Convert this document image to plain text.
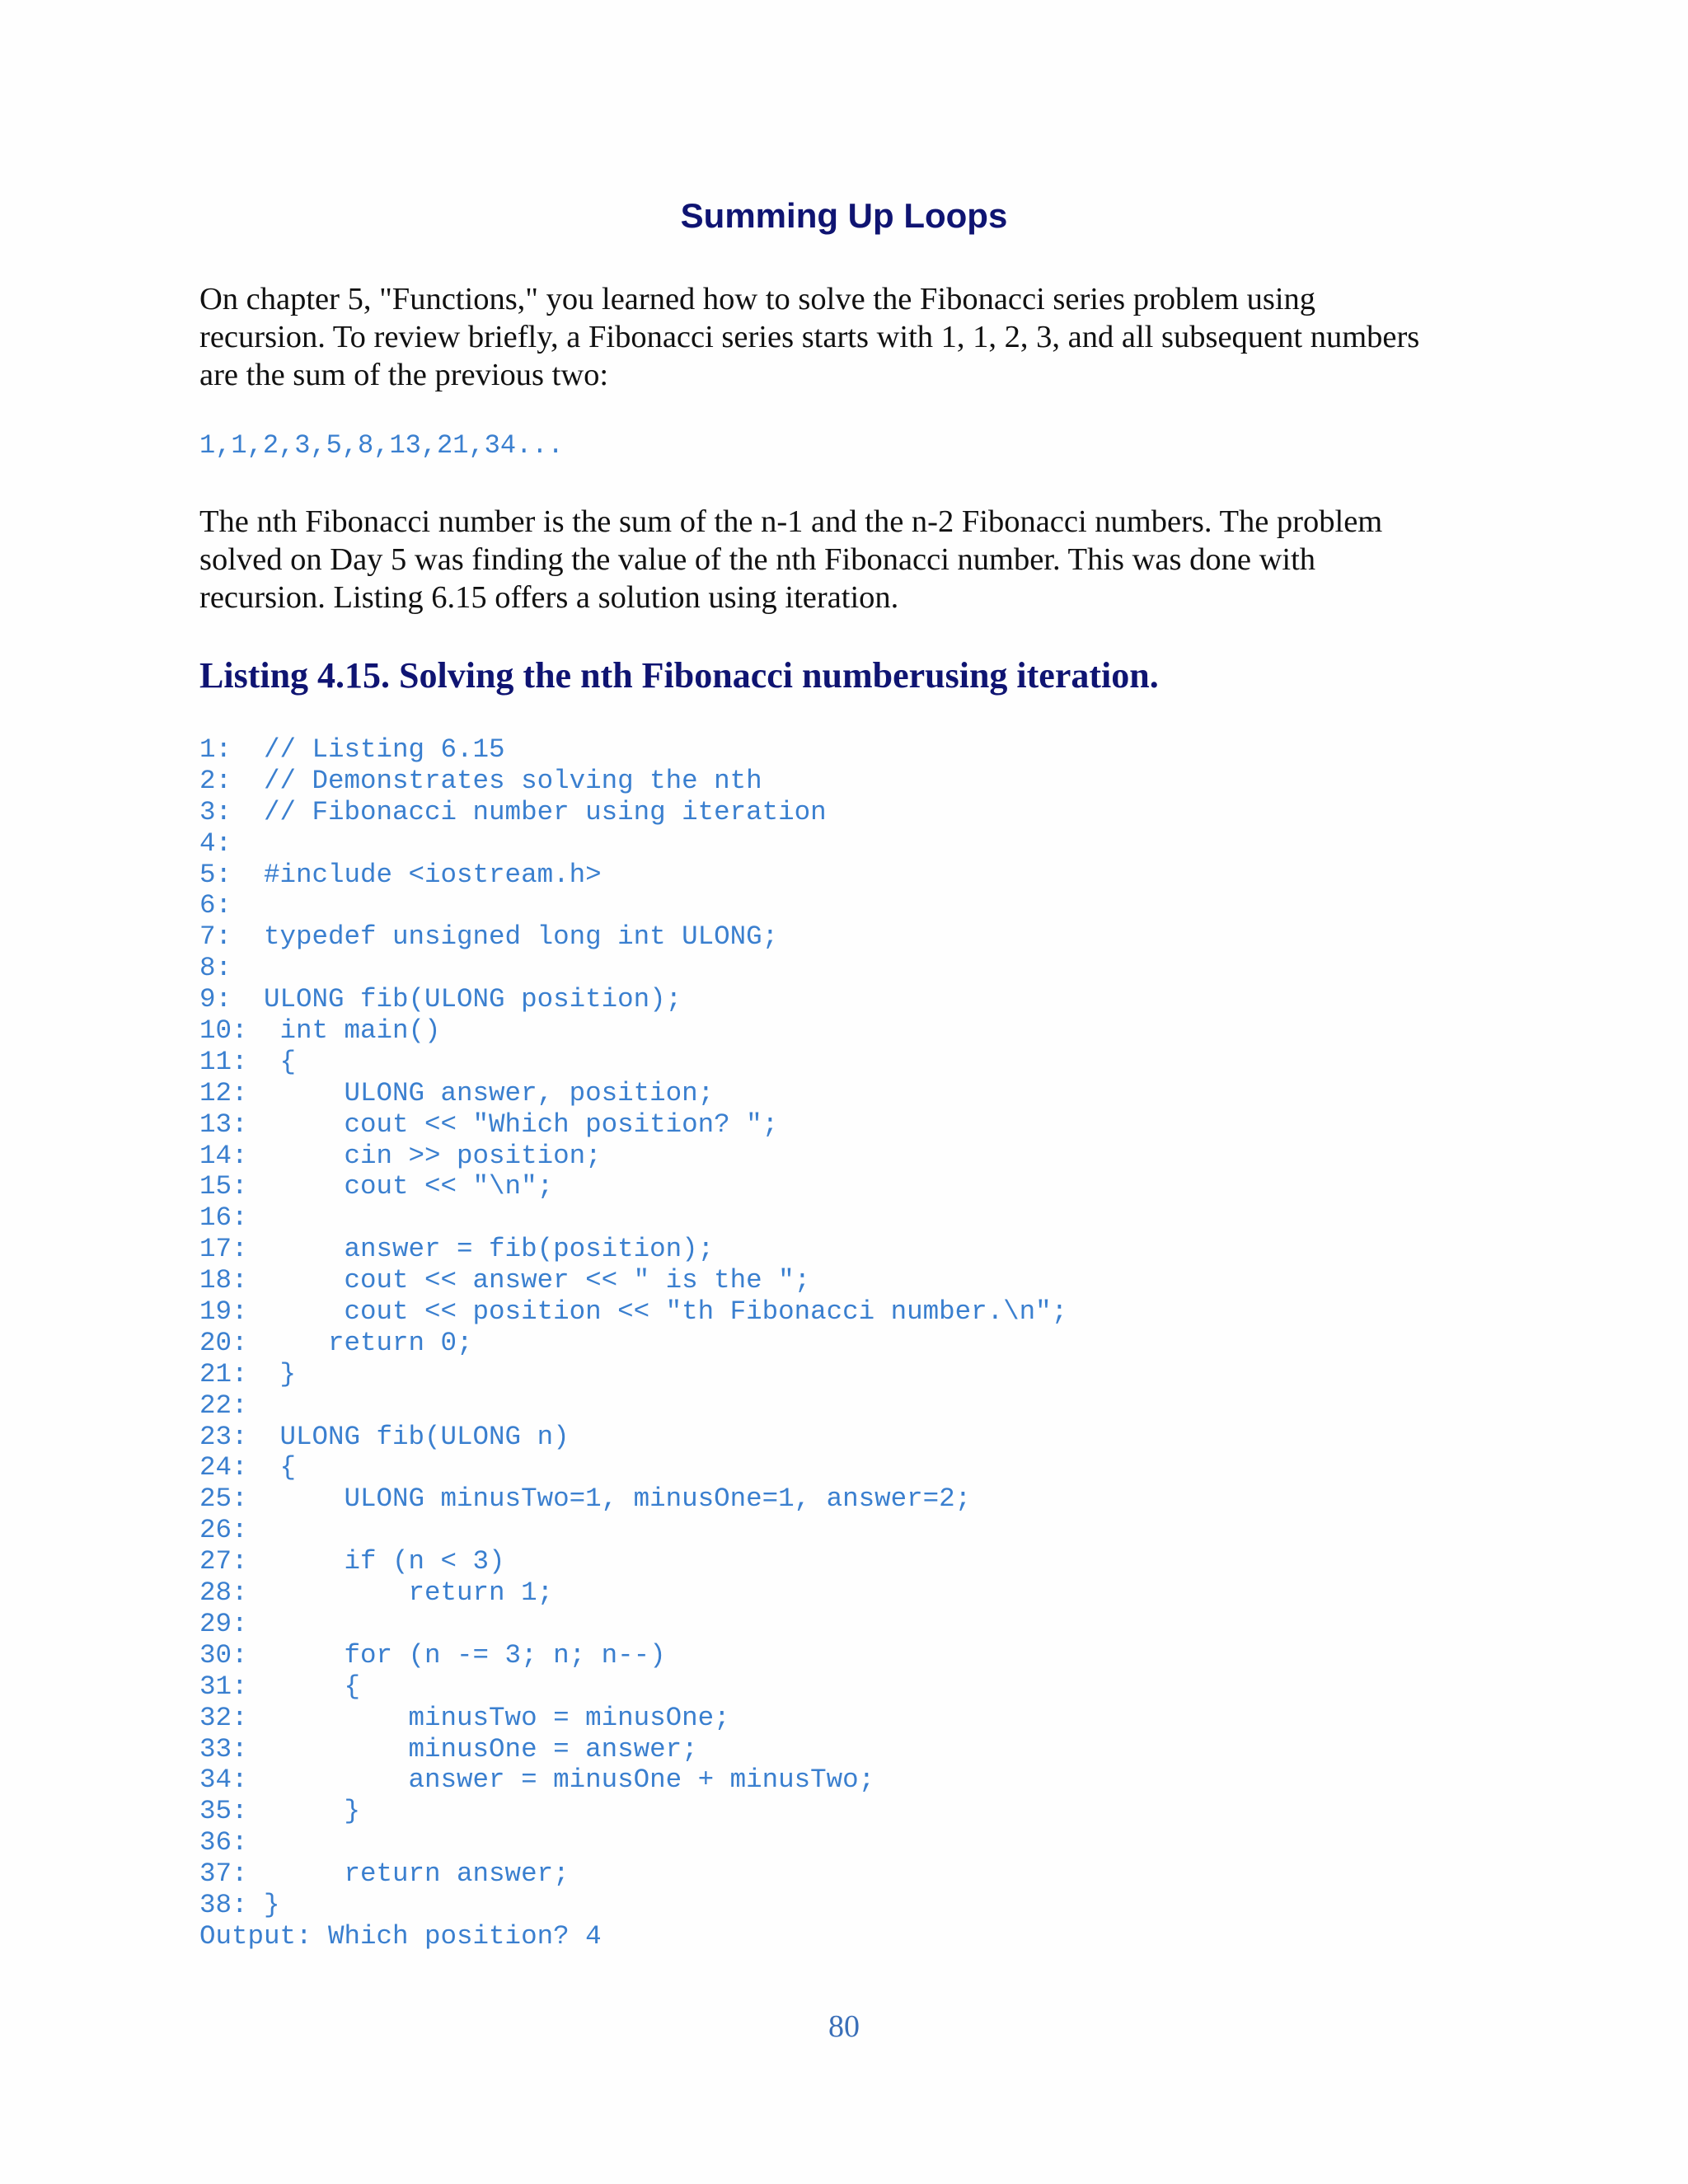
Summing Up Loops

On chapter 5, "Functions," you learned how to solve the Fibonacci series problem using
recursion. To review briefly, a Fibonacci series starts with 1, 1, 2, 3, and all subsequent numbers
are the sum of the previous two:

1,1,2,3,5,8,13,21,34...

The nth Fibonacci number is the sum of the n-1 and the n-2 Fibonacci numbers. The problem
solved on Day 5 was finding the value of the nth Fibonacci number. This was done with
recursion. Listing 6.15 offers a solution using iteration.

Listing 4.15. Solving the nth Fibonacci numberusing iteration.
1:  // Listing 6.15
2:  // Demonstrates solving the nth
3:  // Fibonacci number using iteration
4:
5:  #include <iostream.h>
6:
7:  typedef unsigned long int ULONG;
8:
9:  ULONG fib(ULONG position);
10:  int main()
11:  {
12:      ULONG answer, position;
13:      cout << "Which position? ";
14:      cin >> position;
15:      cout << "\n";
16:
17:      answer = fib(position);
18:      cout << answer << " is the ";
19:      cout << position << "th Fibonacci number.\n";
20:     return 0;
21:  }
22:
23:  ULONG fib(ULONG n)
24:  {
25:      ULONG minusTwo=1, minusOne=1, answer=2;
26:
27:      if (n < 3)
28:          return 1;
29:
30:      for (n -= 3; n; n--)
31:      {
32:          minusTwo = minusOne;
33:          minusOne = answer;
34:          answer = minusOne + minusTwo;
35:      }
36:
37:      return answer;
38: }
Output: Which position? 4
80
